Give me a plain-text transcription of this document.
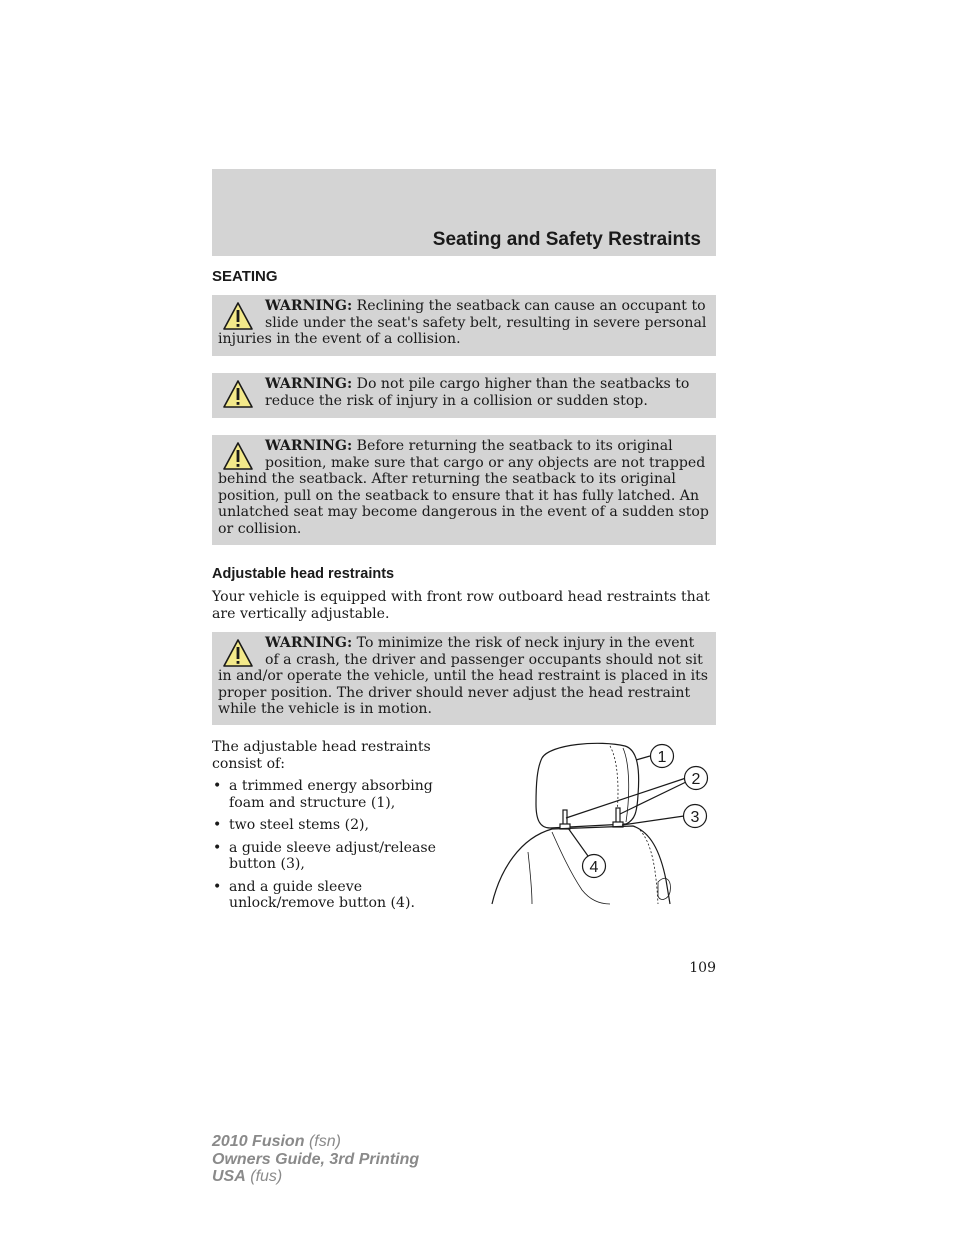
Seating and Safety Restraints
SEATING
WARNING: Reclining the seatback can cause an occupant to slide under the seat's safety belt, resulting in severe personal injuries in the event of a collision.
WARNING: Do not pile cargo higher than the seatbacks to reduce the risk of injury in a collision or sudden stop.
WARNING: Before returning the seatback to its original position, make sure that cargo or any objects are not trapped behind the seatback. After returning the seatback to its original position, pull on the seatback to ensure that it has fully latched. An unlatched seat may become dangerous in the event of a sudden stop or collision.
Adjustable head restraints
Your vehicle is equipped with front row outboard head restraints that are vertically adjustable.
WARNING: To minimize the risk of neck injury in the event of a crash, the driver and passenger occupants should not sit in and/or operate the vehicle, until the head restraint is placed in its proper position. The driver should never adjust the head restraint while the vehicle is in motion.
The adjustable head restraints consist of:
• a trimmed energy absorbing foam and structure (1),
• two steel stems (2),
• a guide sleeve adjust/release button (3),
• and a guide sleeve unlock/remove button (4).
1
2
3
4
109
2010 Fusion (fsn)
Owners Guide, 3rd Printing
USA (fus)
